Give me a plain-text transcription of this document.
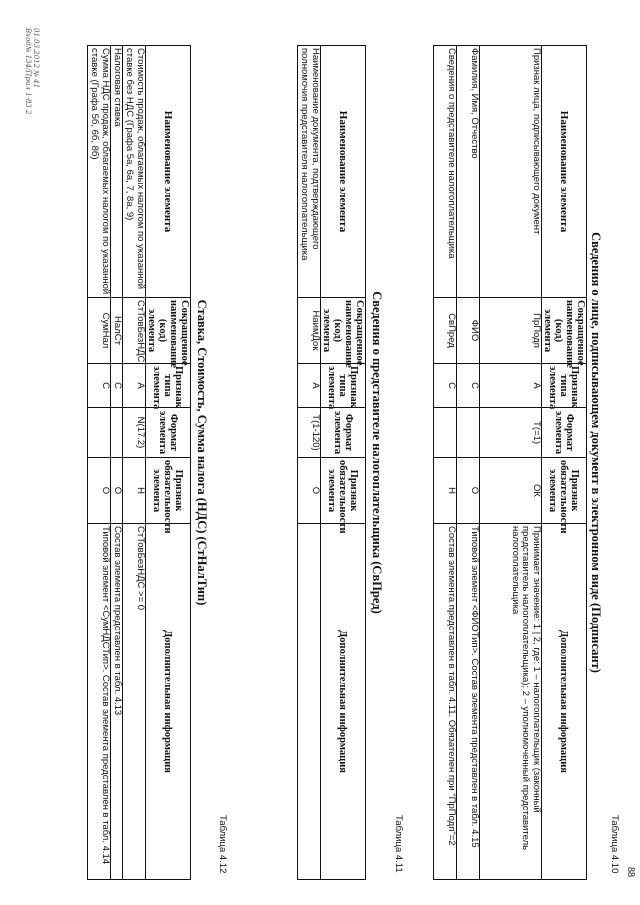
Таблица 4.10
Сведения о лице, подписывающем документ в электронном виде (Подписант)
Наименование элемента	Сокращенное наименование (код) элемента	Признак типа элемента	Формат элемента	Признак обязательности элемента	Дополнительная информация
Признак лица, подписывающего документ	ПрПодп	А	T(=1)	ОК	Принимает значение: 1 | 2, где: 1 – налогоплательщик (законный представитель налогоплательщика); 2 – уполномоченный представитель налогоплательщика
Фамилия, Имя, Отчество	ФИО	С		О	Типовой элемент <ФИОТип>. Состав элемента представлен в табл. 4.15
Сведения о представителе налогоплательщика	СвПред	С		Н	Состав элемента представлен в табл. 4.11. Обязателен при "ПрПодп"=2
Таблица 4.11
Сведения о представителе налогоплательщика (СвПред)
Наименование элемента	Сокращенное наименование (код) элемента	Признак типа элемента	Формат элемента	Признак обязательности элемента	Дополнительная информация
Наименование документа, подтверждающего полномочия представителя налогоплательщика	НаимДок	А	T(1-120)	О	
Таблица 4.12
Ставка, Стоимость, Сумма налога (НДС) (СтНалТип)
Наименование элемента	Сокращенное наименование (код) элемента	Признак типа элемента	Формат элемента	Признак обязательности элемента	Дополнительная информация
Стоимость продаж, облагаемых налогом по указанной ставке без НДС (Графа 5а, 6а, 7, 8а, 9)	СтТовБезНДС	А	N(17.2)	Н	СтТовБезНДС >= 0
Налоговая ставка	НалСт	С		О	Состав элемента представлен в табл. 4.13
Сумма НДС продаж, облагаемых налогом по указанной ставке (Графа 5б, 6б, 8б)	СумНал	С		О	Типовой элемент <СумНДСТип>. Состав элемента представлен в табл. 4.14
88
01.03.2012 № 41
Вход№ 134/Прил 1-83 2
